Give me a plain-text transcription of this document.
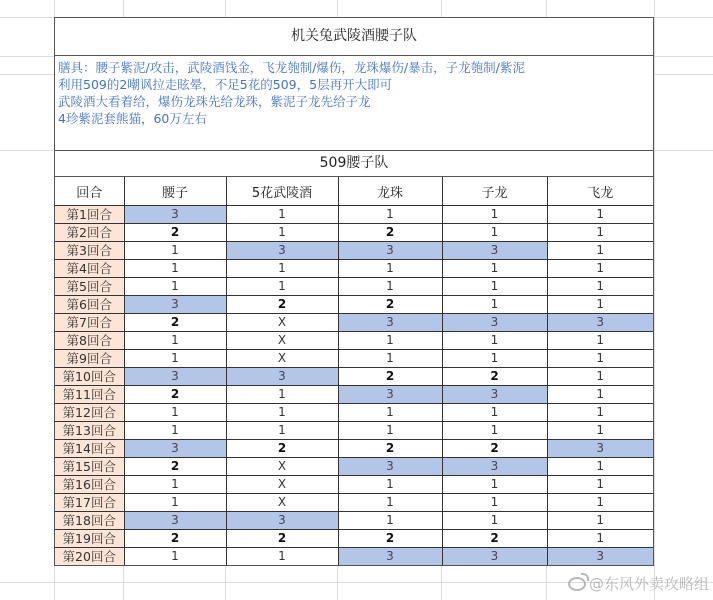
机关兔武陵酒腰子队
膳具：腰子紫泥/攻击，武陵酒饯金，飞龙匏制/爆伤，龙珠爆伤/暴击，子龙匏制/紫泥
利用509的2嘲讽拉走眩晕，不足5花的509，5层再开大即可
武陵酒大看着给，爆伤龙珠先给龙珠，紫泥子龙先给子龙
4珍紫泥套熊猫，60万左右
509腰子队
回合	腰子	5花武陵酒	龙珠	子龙	飞龙
第1回合	3	1	1	1	1
第2回合	2	1	2	1	1
第3回合	1	3	3	3	1
第4回合	1	1	1	1	1
第5回合	1	1	1	1	1
第6回合	3	2	2	1	1
第7回合	2	X	3	3	3
第8回合	1	X	1	1	1
第9回合	1	X	1	1	1
第10回合	3	3	2	2	1
第11回合	2	1	3	3	1
第12回合	1	1	1	1	1
第13回合	1	1	1	1	1
第14回合	3	2	2	2	3
第15回合	2	X	3	3	1
第16回合	1	X	1	1	1
第17回合	1	X	1	1	1
第18回合	3	3	1	1	1
第19回合	2	2	2	2	1
第20回合	1	1	3	3	3
@东风外卖攻略组
